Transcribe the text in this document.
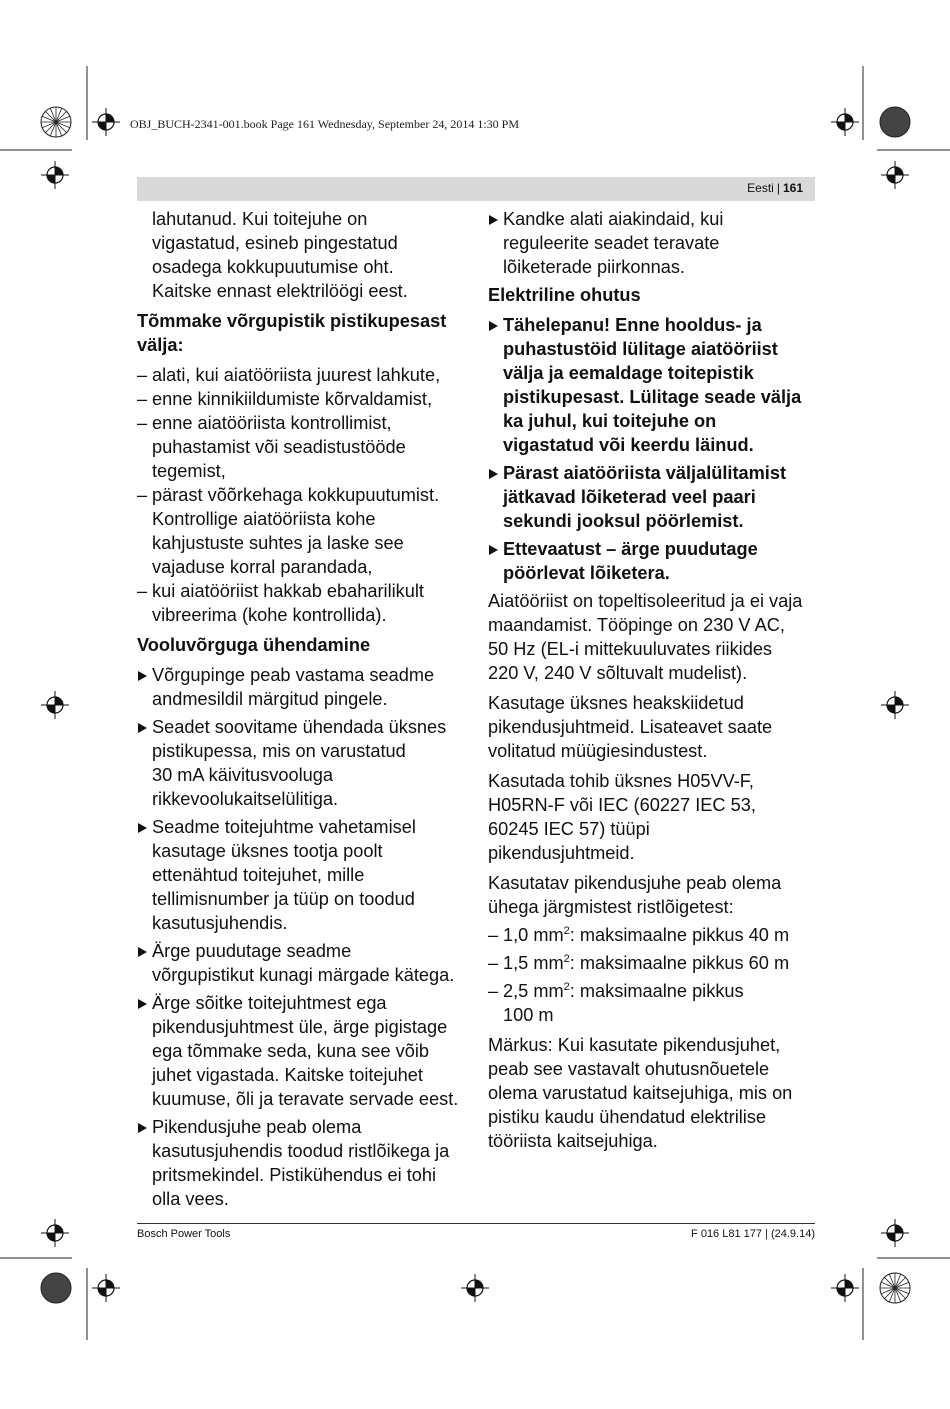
OBJ_BUCH-2341-001.book Page 161 Wednesday, September 24, 2014 1:30 PM
Eesti | 161
lahutanud. Kui toitejuhe on
vigastatud, esineb pingestatud
osadega kokkupuutumise oht.
Kaitske ennast elektrilöögi eest.
Tõmmake võrgupistik pistikupesast
välja:
– alati, kui aiatööriista juurest lahkute,
– enne kinnikiildumiste kõrvaldamist,
– enne aiatööriista kontrollimist,
puhastamist või seadistustööde
tegemist,
– pärast võõrkehaga kokkupuutumist.
Kontrollige aiatööriista kohe
kahjustuste suhtes ja laske see
vajaduse korral parandada,
– kui aiatööriist hakkab ebaharilikult
vibreerima (kohe kontrollida).
Vooluvõrguga ühendamine
Võrgupinge peab vastama seadme
andmesildil märgitud pingele.
Seadet soovitame ühendada üksnes
pistikupessa, mis on varustatud
30 mA käivitusvooluga
rikkevoolukaitselülitiga.
Seadme toitejuhtme vahetamisel
kasutage üksnes tootja poolt
ettenähtud toitejuhet, mille
tellimisnumber ja tüüp on toodud
kasutusjuhendis.
Ärge puudutage seadme
võrgupistikut kunagi märgade kätega.
Ärge sõitke toitejuhtmest ega
pikendusjuhtmest üle, ärge pigistage
ega tõmmake seda, kuna see võib
juhet vigastada. Kaitske toitejuhet
kuumuse, õli ja teravate servade eest.
Pikendusjuhe peab olema
kasutusjuhendis toodud ristlõikega ja
pritsmekindel. Pistikühendus ei tohi
olla vees.
Kandke alati aiakindaid, kui
reguleerite seadet teravate
lõiketerade piirkonnas.
Elektriline ohutus
Tähelepanu! Enne hooldus- ja
puhastustöid lülitage aiatööriist
välja ja eemaldage toitepistik
pistikupesast. Lülitage seade välja
ka juhul, kui toitejuhe on
vigastatud või keerdu läinud.
Pärast aiatööriista väljalülitamist
jätkavad lõiketerad veel paari
sekundi jooksul pöörlemist.
Ettevaatust – ärge puudutage
pöörlevat lõiketera.
Aiatööriist on topeltisoleeritud ja ei vaja
maandamist. Tööpinge on 230 V AC,
50 Hz (EL-i mittekuuluvates riikides
220 V, 240 V sõltuvalt mudelist).
Kasutage üksnes heakskiidetud
pikendusjuhtmeid. Lisateavet saate
volitatud müügiesindustest.
Kasutada tohib üksnes H05VV-F,
H05RN-F või IEC (60227 IEC 53,
60245 IEC 57) tüüpi
pikendusjuhtmeid.
Kasutatav pikendusjuhe peab olema
ühega järgmistest ristlõigetest:
– 1,0 $mm^2$: maksimaalne pikkus 40 m
– 1,5 $mm^2$: maksimaalne pikkus 60 m
– 2,5 $mm^2$: maksimaalne pikkus
100 m
Märkus: Kui kasutate pikendusjuhet,
peab see vastavalt ohutusnõuetele
olema varustatud kaitsejuhiga, mis on
pistiku kaudu ühendatud elektrilise
tööriista kaitsejuhiga.
Bosch Power Tools	F 016 L81 177 | (24.9.14)
